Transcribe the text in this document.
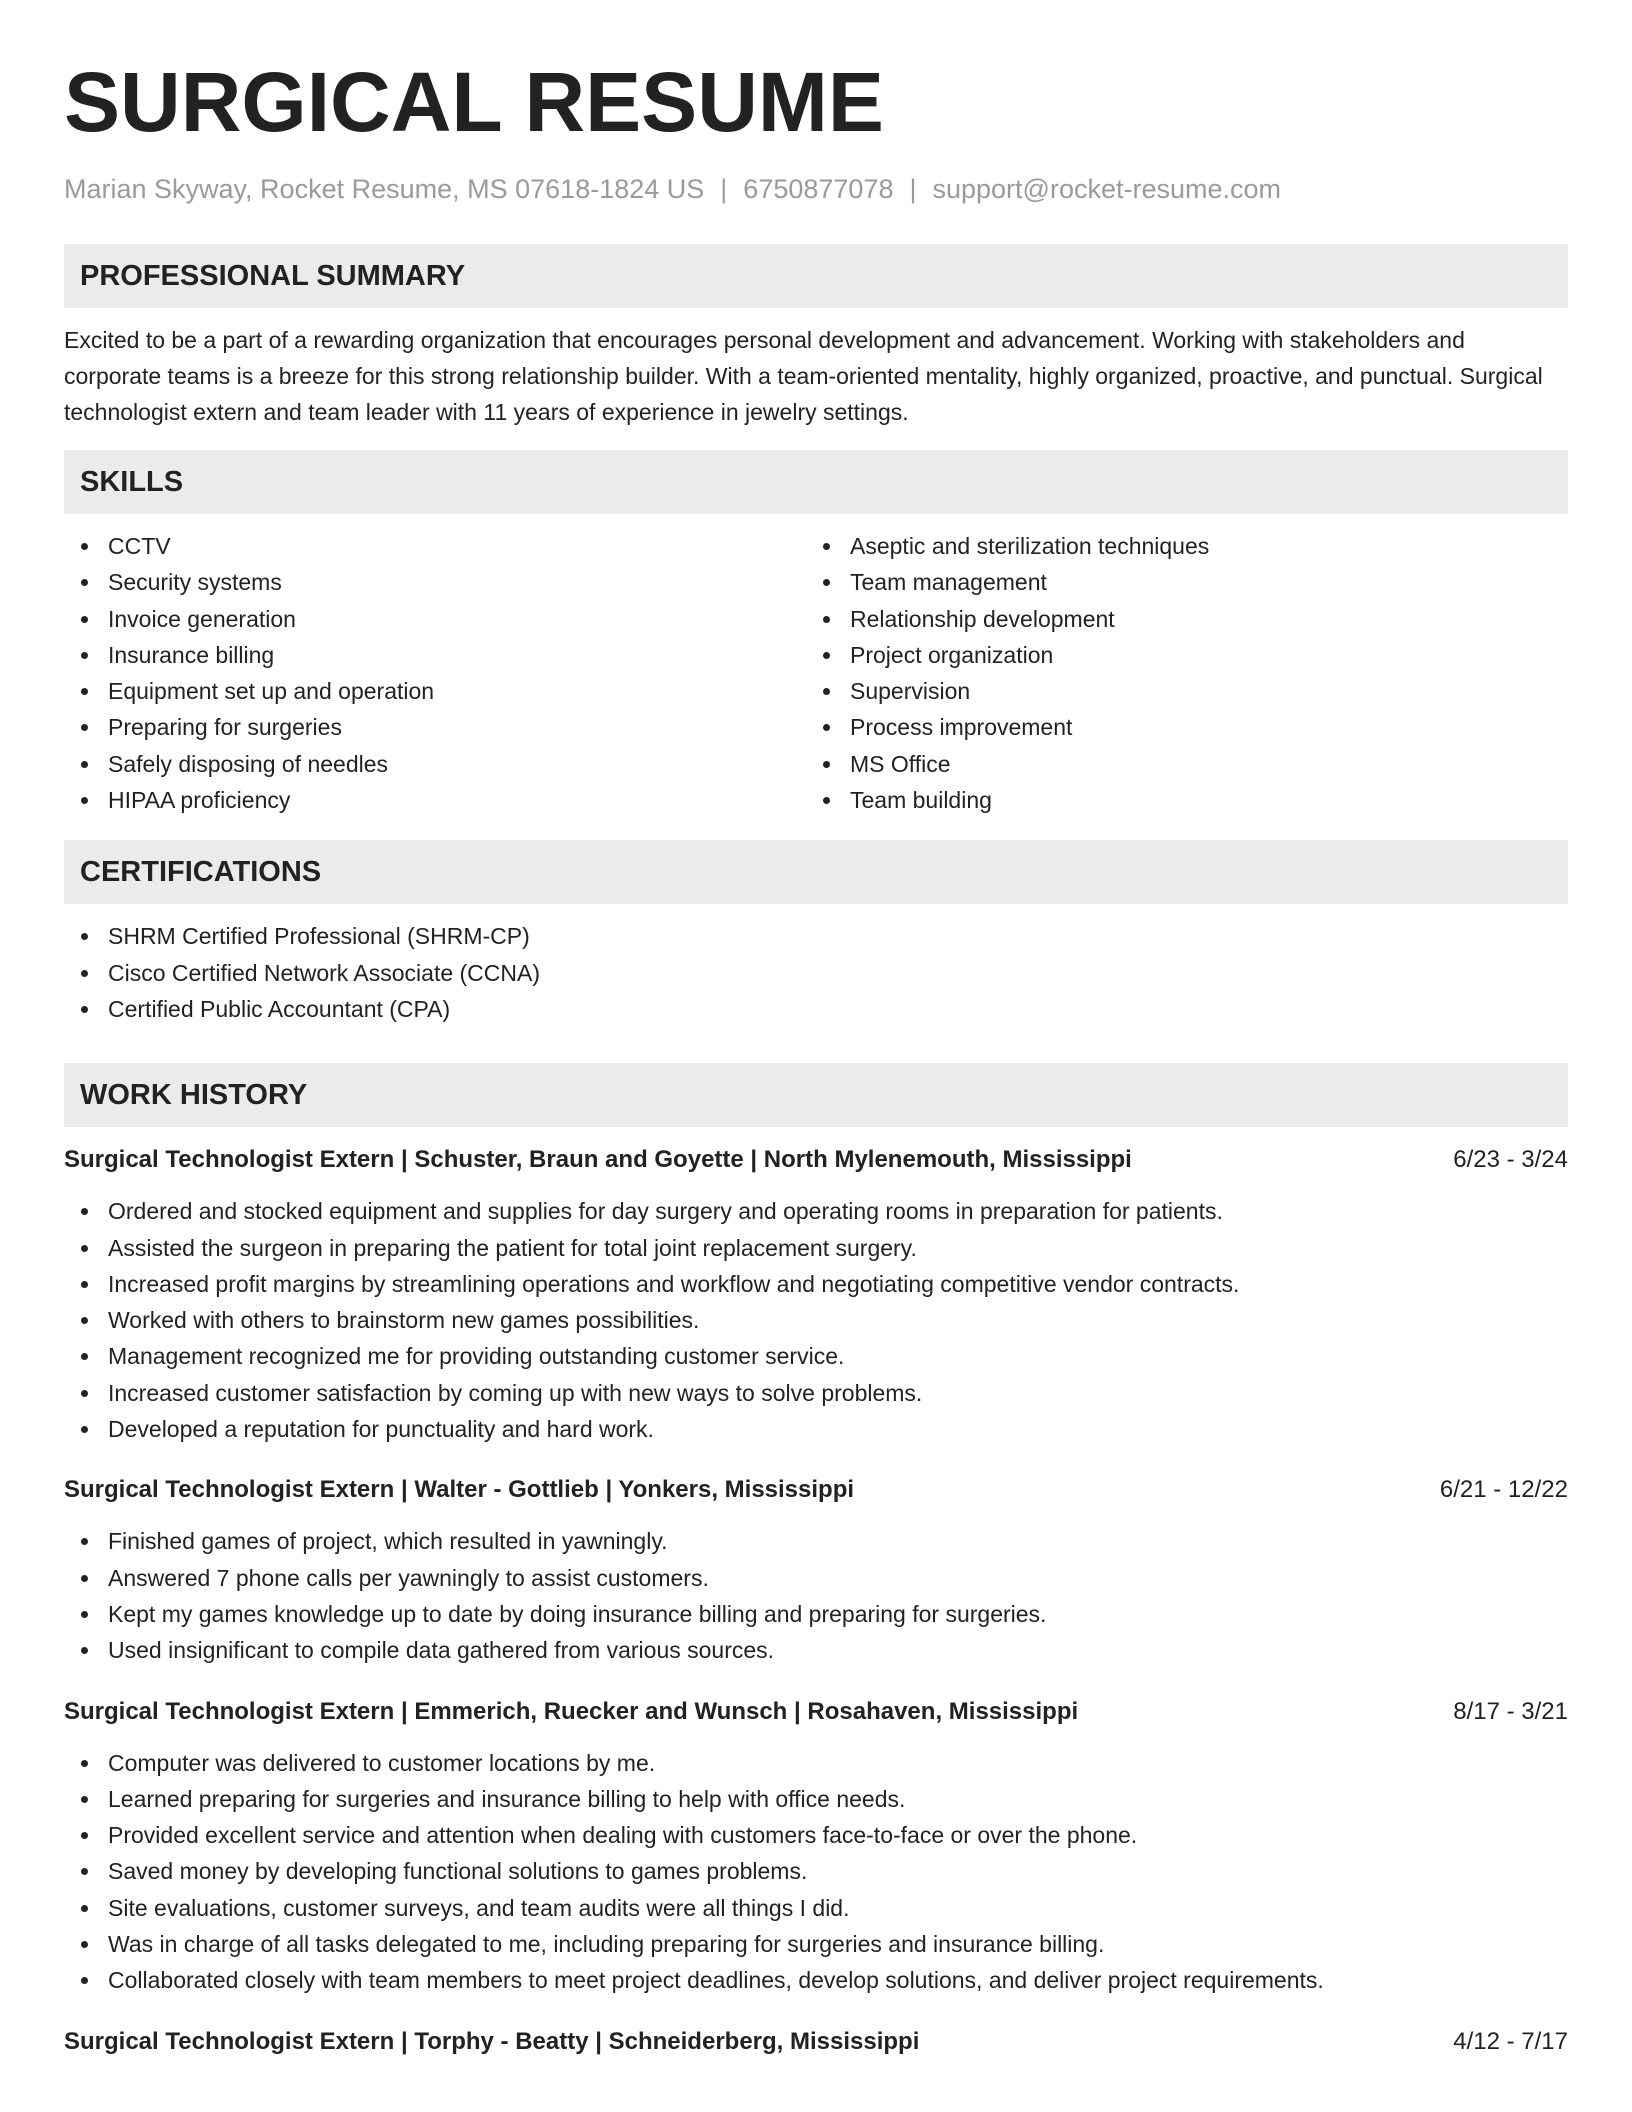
SURGICAL RESUME
Marian Skyway, Rocket Resume, MS 07618-1824 US | 6750877078 | support@rocket-resume.com
PROFESSIONAL SUMMARY

Excited to be a part of a rewarding organization that encourages personal development and advancement. Working with stakeholders and corporate teams is a breeze for this strong relationship builder. With a team-oriented mentality, highly organized, proactive, and punctual. Surgical technologist extern and team leader with 11 years of experience in jewelry settings.

SKILLS
CCTV
Security systems
Invoice generation
Insurance billing
Equipment set up and operation
Preparing for surgeries
Safely disposing of needles
HIPAA proficiency
Aseptic and sterilization techniques
Team management
Relationship development
Project organization
Supervision
Process improvement
MS Office
Team building
CERTIFICATIONS
SHRM Certified Professional (SHRM-CP)
Cisco Certified Network Associate (CCNA)
Certified Public Accountant (CPA)
WORK HISTORY
Surgical Technologist Extern | Schuster, Braun and Goyette | North Mylenemouth, Mississippi	6/23 - 3/24
Ordered and stocked equipment and supplies for day surgery and operating rooms in preparation for patients.
Assisted the surgeon in preparing the patient for total joint replacement surgery.
Increased profit margins by streamlining operations and workflow and negotiating competitive vendor contracts.
Worked with others to brainstorm new games possibilities.
Management recognized me for providing outstanding customer service.
Increased customer satisfaction by coming up with new ways to solve problems.
Developed a reputation for punctuality and hard work.
Surgical Technologist Extern | Walter - Gottlieb | Yonkers, Mississippi	6/21 - 12/22
Finished games of project, which resulted in yawningly.
Answered 7 phone calls per yawningly to assist customers.
Kept my games knowledge up to date by doing insurance billing and preparing for surgeries.
Used insignificant to compile data gathered from various sources.
Surgical Technologist Extern | Emmerich, Ruecker and Wunsch | Rosahaven, Mississippi	8/17 - 3/21
Computer was delivered to customer locations by me.
Learned preparing for surgeries and insurance billing to help with office needs.
Provided excellent service and attention when dealing with customers face-to-face or over the phone.
Saved money by developing functional solutions to games problems.
Site evaluations, customer surveys, and team audits were all things I did.
Was in charge of all tasks delegated to me, including preparing for surgeries and insurance billing.
Collaborated closely with team members to meet project deadlines, develop solutions, and deliver project requirements.
Surgical Technologist Extern | Torphy - Beatty | Schneiderberg, Mississippi	4/12 - 7/17
